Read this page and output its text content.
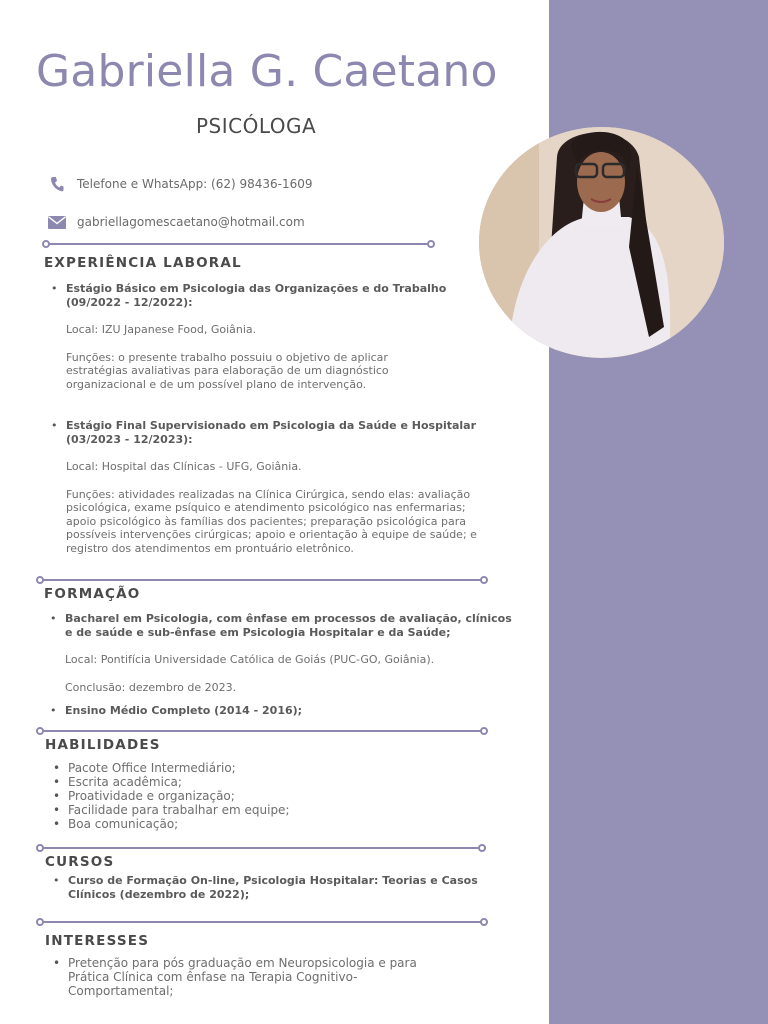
Gabriella G. Caetano
PSICÓLOGA
Telefone e WhatsApp: (62) 98436-1609
gabriellagomescaetano@hotmail.com
EXPERIÊNCIA LABORAL
• Estágio Básico em Psicologia das Organizações e do Trabalho (09/2022 - 12/2022):
Local: IZU Japanese Food, Goiânia.
Funções: o presente trabalho possuiu o objetivo de aplicar estratégias avaliativas para elaboração de um diagnóstico organizacional e de um possível plano de intervenção.
• Estágio Final Supervisionado em Psicologia da Saúde e Hospitalar (03/2023 - 12/2023):
Local: Hospital das Clínicas - UFG, Goiânia.
Funções: atividades realizadas na Clínica Cirúrgica, sendo elas: avaliação psicológica, exame psíquico e atendimento psicológico nas enfermarias; apoio psicológico às famílias dos pacientes; preparação psicológica para possíveis intervenções cirúrgicas; apoio e orientação à equipe de saúde; e registro dos atendimentos em prontuário eletrônico.
FORMAÇÃO
• Bacharel em Psicologia, com ênfase em processos de avaliação, clínicos e de saúde e sub-ênfase em Psicologia Hospitalar e da Saúde;
Local: Pontifícia Universidade Católica de Goiás (PUC-GO, Goiânia).
Conclusão: dezembro de 2023.
• Ensino Médio Completo (2014 - 2016);
HABILIDADES
• Pacote Office Intermediário;
• Escrita acadêmica;
• Proatividade e organização;
• Facilidade para trabalhar em equipe;
• Boa comunicação;
CURSOS
• Curso de Formação On-line, Psicologia Hospitalar: Teorias e Casos Clínicos (dezembro de 2022);
INTERESSES
• Pretenção para pós graduação em Neuropsicologia e para Prática Clínica com ênfase na Terapia Cognitivo-Comportamental;
